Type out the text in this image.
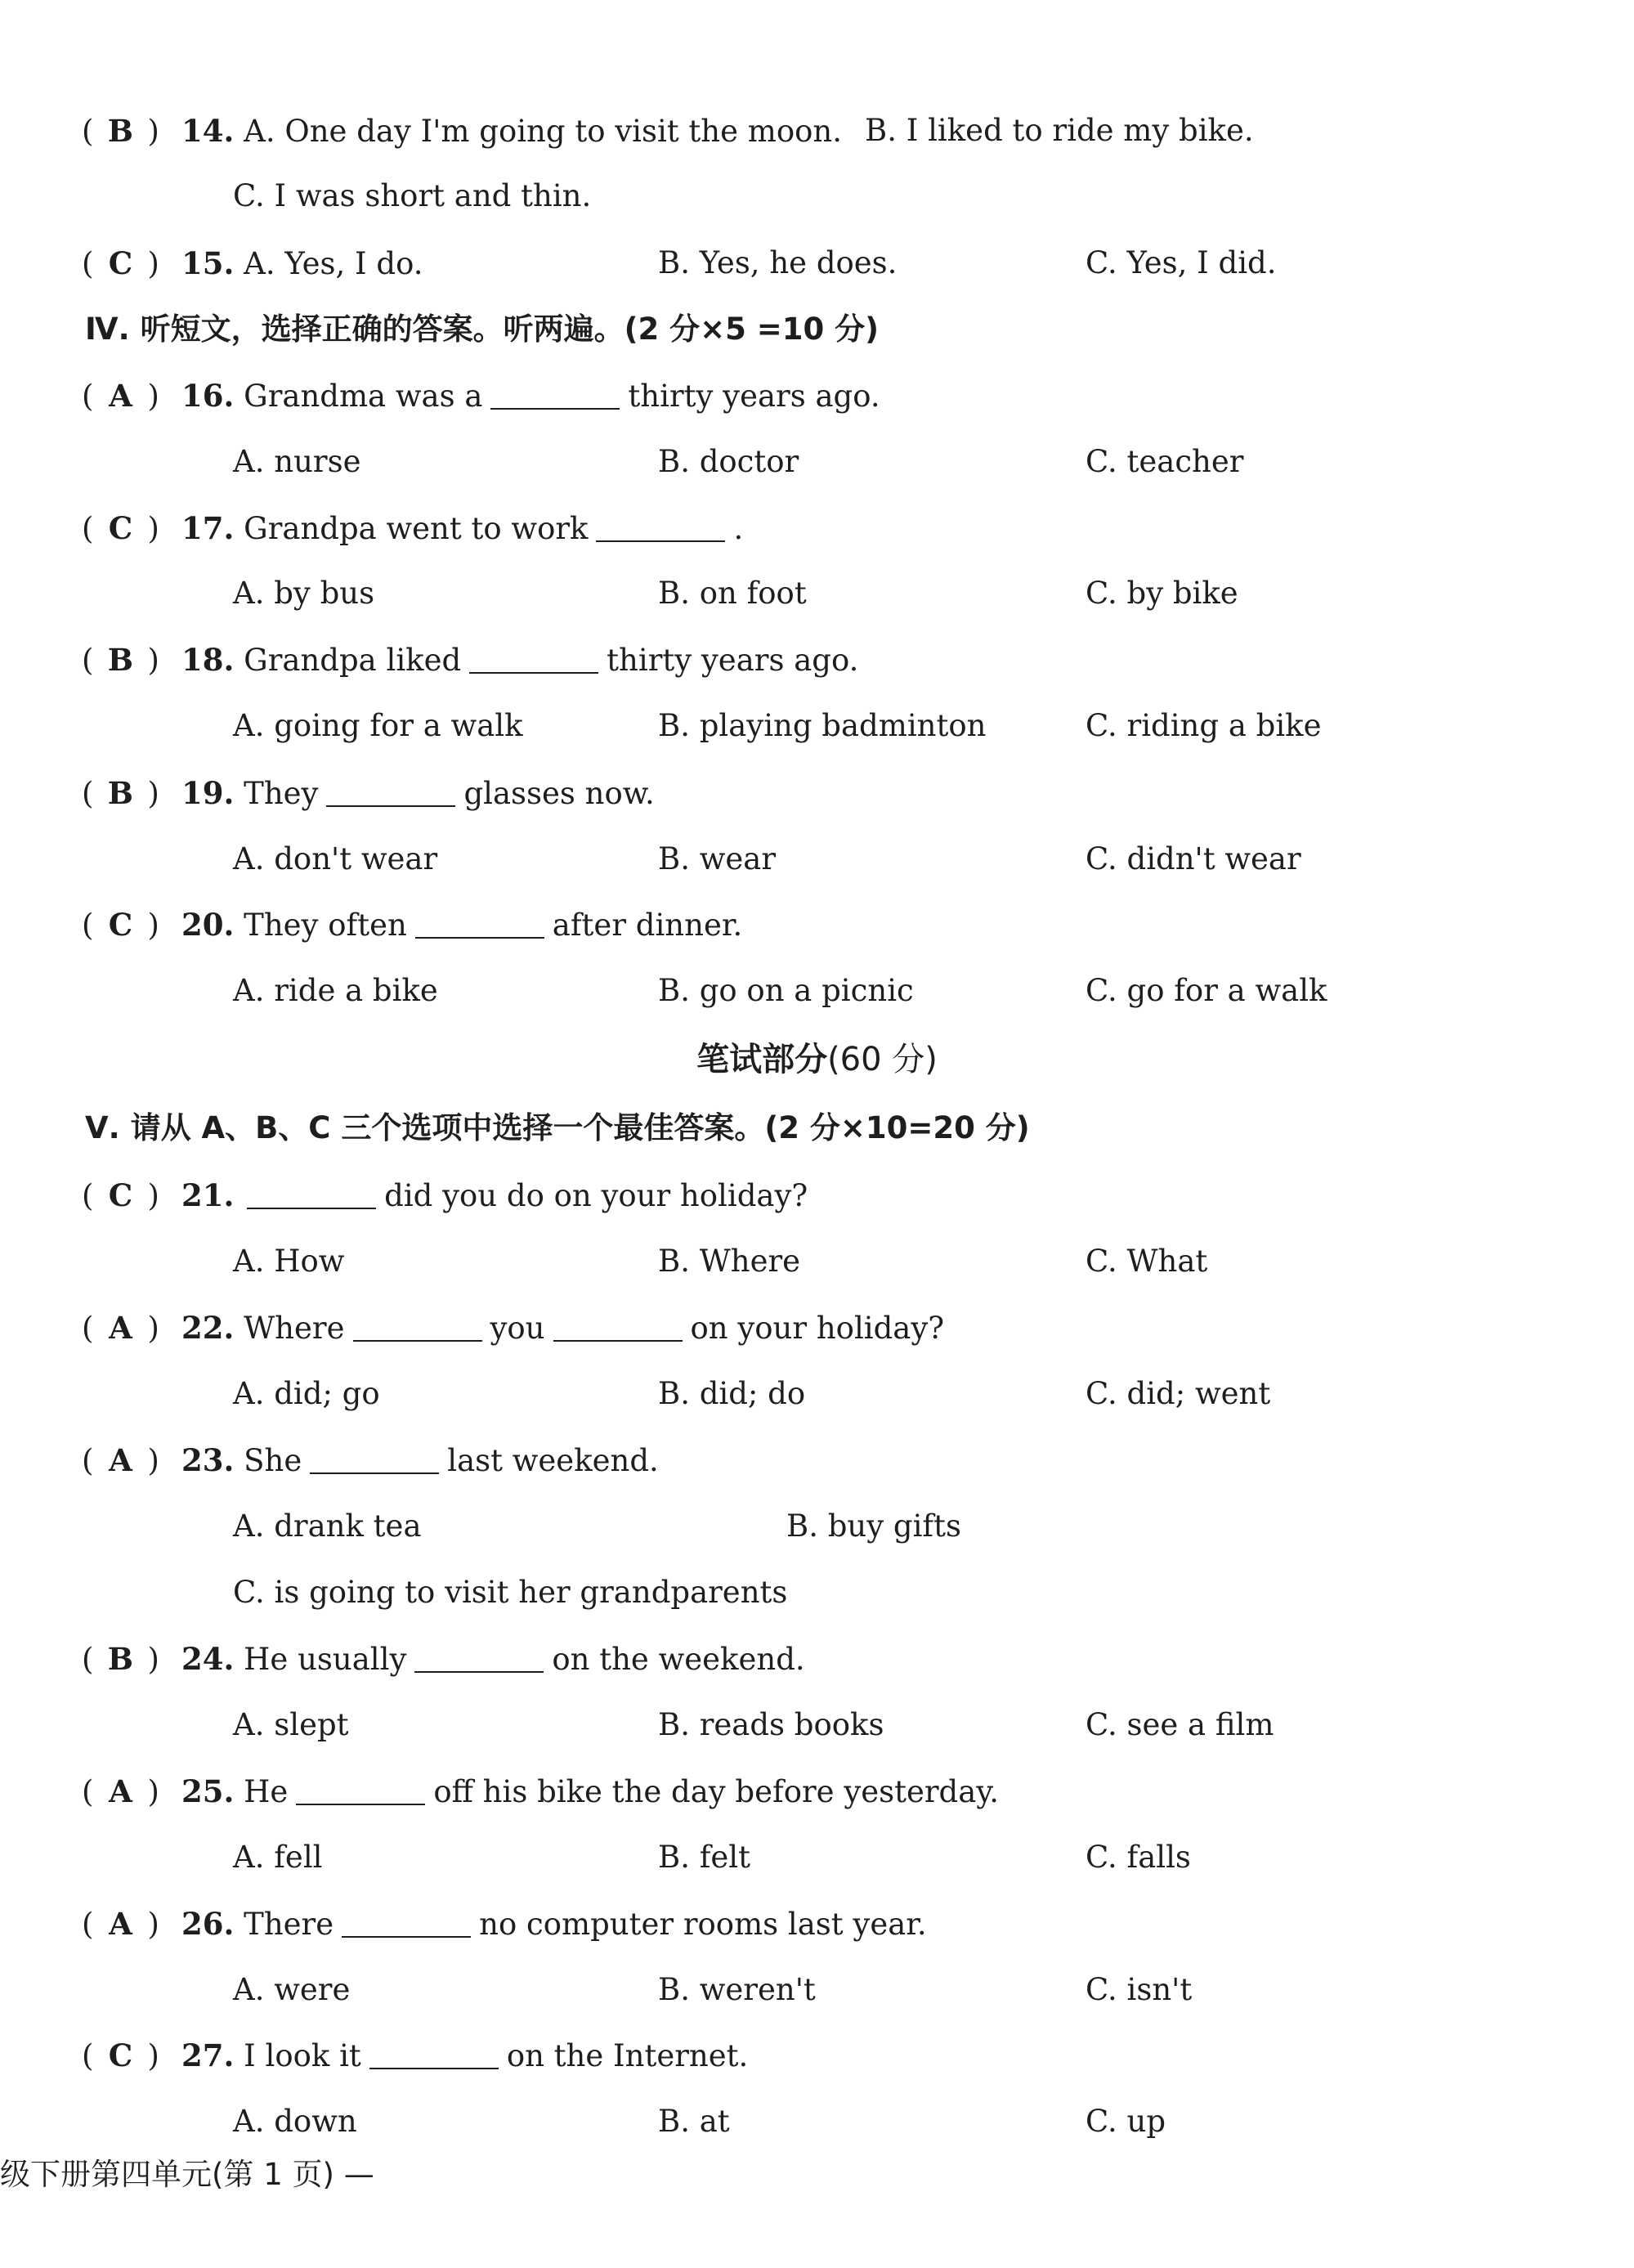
( B ) 14. A. One day I'm going to visit the moon. B. I liked to ride my bike.
C. I was short and thin.
( C ) 15. A. Yes, I do.	B. Yes, he does.	C. Yes, I did.
Ⅳ. 听短文，选择正确的答案。听两遍。(2 分×5 =10 分)
( A ) 16. Grandma was a	thirty years ago.
A. nurse	B. doctor	C. teacher
( C ) 17. Grandpa went to work	.
A. by bus	B. on foot	C. by bike
( B ) 18. Grandpa liked	thirty years ago.
A. going for a walk	B. playing badminton	C. riding a bike
( B ) 19. They	glasses now.
A. don't wear	B. wear	C. didn't wear
( C ) 20. They often	after dinner.
A. ride a bike	B. go on a picnic	C. go for a walk
笔试部分(60 分)
Ⅴ. 请从 A、B、C 三个选项中选择一个最佳答案。(2 分×10=20 分)
( C ) 21.	did you do on your holiday?
A. How	B. Where	C. What
( A ) 22. Where	you	on your holiday?
A. did; go	B. did; do	C. did; went
( A ) 23. She	last weekend.
A. drank tea	B. buy gifts
C. is going to visit her grandparents
( B ) 24. He usually	on the weekend.
A. slept	B. reads books	C. see a film
( A ) 25. He	off his bike the day before yesterday.
A. fell	B. felt	C. falls
( A ) 26. There	no computer rooms last year.
A. were	B. weren't	C. isn't
( C ) 27. I look it	on the Internet.
A. down	B. at	C. up
级下册第四单元(第 1 页) —
